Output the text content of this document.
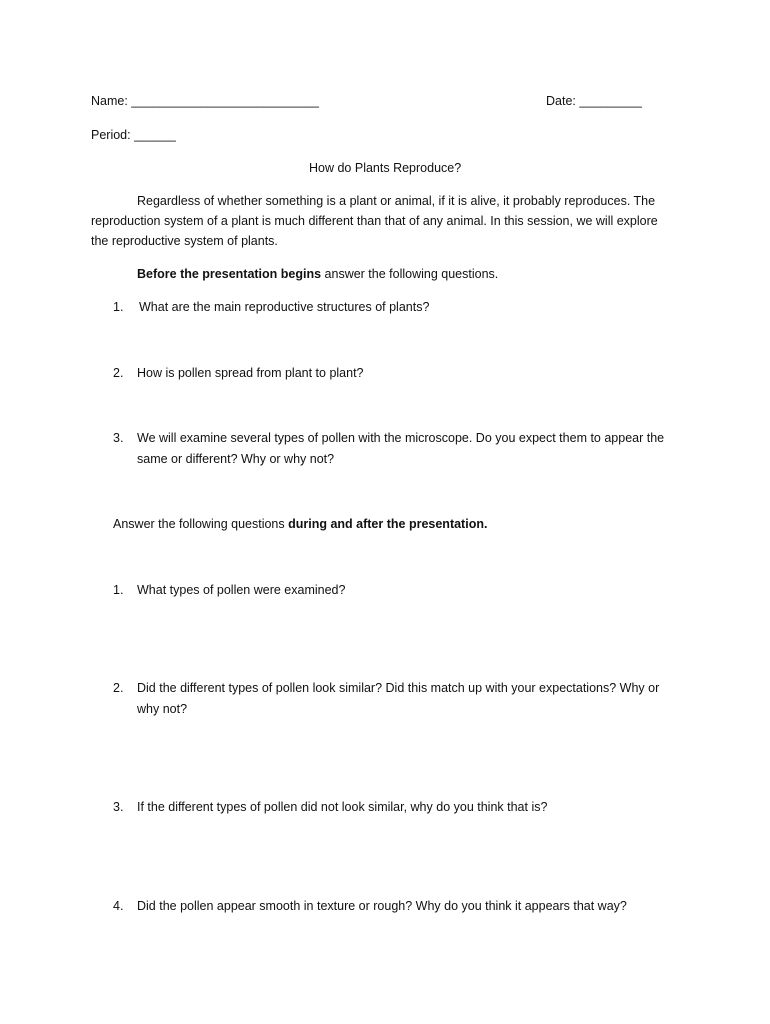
Name: ___________________________	Date: _________
Period: ______
How do Plants Reproduce?
Regardless of whether something is a plant or animal, if it is alive, it probably reproduces. The
reproduction system of a plant is much different than that of any animal. In this session, we will explore
the reproductive system of plants.
Before the presentation begins answer the following questions.
1. What are the main reproductive structures of plants?
2. How is pollen spread from plant to plant?
3. We will examine several types of pollen with the microscope. Do you expect them to appear the
same or different? Why or why not?
Answer the following questions during and after the presentation.
1. What types of pollen were examined?
2. Did the different types of pollen look similar? Did this match up with your expectations? Why or
why not?
3. If the different types of pollen did not look similar, why do you think that is?
4. Did the pollen appear smooth in texture or rough? Why do you think it appears that way?
